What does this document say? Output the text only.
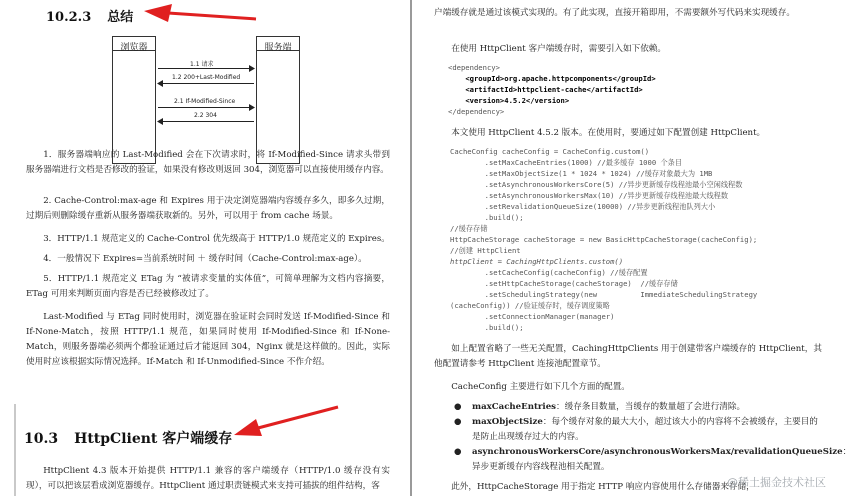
10.2.3 总结
浏览器	服务端
1.1 请求
1.2 200+Last-Modified
2.1 If-Modified-Since
2.2 304
1．服务器端响应的 Last-Modified 会在下次请求时，将 If-Modified-Since 请求头带到服务器端进行文档是否修改的验证，如果没有修改则返回 304，浏览器可以直接使用缓存内容。
2. Cache-Control:max-age 和 Expires 用于决定浏览器端内容缓存多久，即多久过期，过期后则删除缓存重新从服务器端获取新的。另外，可以用于 from cache 场景。
3．HTTP/1.1 规范定义的 Cache-Control 优先级高于 HTTP/1.0 规范定义的 Expires。
4．一般情况下 Expires=当前系统时间 ＋ 缓存时间（Cache-Control:max-age）。
5．HTTP/1.1 规范定义 ETag 为 “被请求变量的实体值”，可简单理解为文档内容摘要，ETag 可用来判断页面内容是否已经被修改过了。
Last-Modified 与 ETag 同时使用时，浏览器在验证时会同时发送 If-Modified-Since 和 If-None-Match，按照 HTTP/1.1 规范，如果同时使用 If-Modified-Since 和 If-None-Match，则服务器端必须两个都验证通过后才能返回 304，Nginx 就是这样做的。因此，实际使用时应该根据实际情况选择。If-Match 和 If-Unmodified-Since 不作介绍。
10.3 HttpClient 客户端缓存
HttpClient 4.3 版本开始提供 HTTP/1.1 兼容的客户端缓存（HTTP/1.0 缓存没有实现），可以把该层看成浏览器缓存。HttpClient 通过职责链模式来支持可插拔的组件结构，客
户端缓存就是通过该模式实现的。有了此实现，直接开箱即用，不需要额外写代码来实现缓存。
在使用 HttpClient 客户端缓存时，需要引入如下依赖。
<dependency>
<groupId>org.apache.httpcomponents</groupId>
<artifactId>httpclient-cache</artifactId>
<version>4.5.2</version>
</dependency>
本文使用 HttpClient 4.5.2 版本。在使用时，要通过如下配置创建 HttpClient。
CacheConfig cacheConfig = CacheConfig.custom()
.setMaxCacheEntries(1000) //最多缓存 1000 个条目
.setMaxObjectSize(1 * 1024 * 1024) //缓存对象最大为 1MB
.setAsynchronousWorkersCore(5) //异步更新缓存线程池最小空闲线程数
.setAsynchronousWorkersMax(10) //异步更新缓存线程池最大线程数
.setRevalidationQueueSize(10000) //异步更新线程池队列大小
.build();
//缓存存储
HttpCacheStorage cacheStorage = new BasicHttpCacheStorage(cacheConfig);
//创建 HttpClient
httpClient = CachingHttpClients.custom()
.setCacheConfig(cacheConfig) //缓存配置
.setHttpCacheStorage(cacheStorage)  //缓存存储
.setSchedulingStrategy(new          ImmediateSchedulingStrategy
(cacheConfig)) //验证缓存时，缓存调度策略
.setConnectionManager(manager)
.build();
如上配置省略了一些无关配置，CachingHttpClients 用于创建带客户端缓存的 HttpClient，其他配置请参考 HttpClient 连接池配置章节。
CacheConfig 主要进行如下几个方面的配置。
● maxCacheEntries：缓存条目数量，当缓存的数量超了会进行清除。
● maxObjectSize：每个缓存对象的最大大小，超过该大小的内容将不会被缓存，主要目的是防止出现缓存过大的内容。
● asynchronousWorkersCore/asynchronousWorkersMax/revalidationQueueSize：异步更新缓存内容线程池相关配置。
此外，HttpCacheStorage 用于指定 HTTP 响应内容使用什么存储器来存储，
@稀土掘金技术社区
